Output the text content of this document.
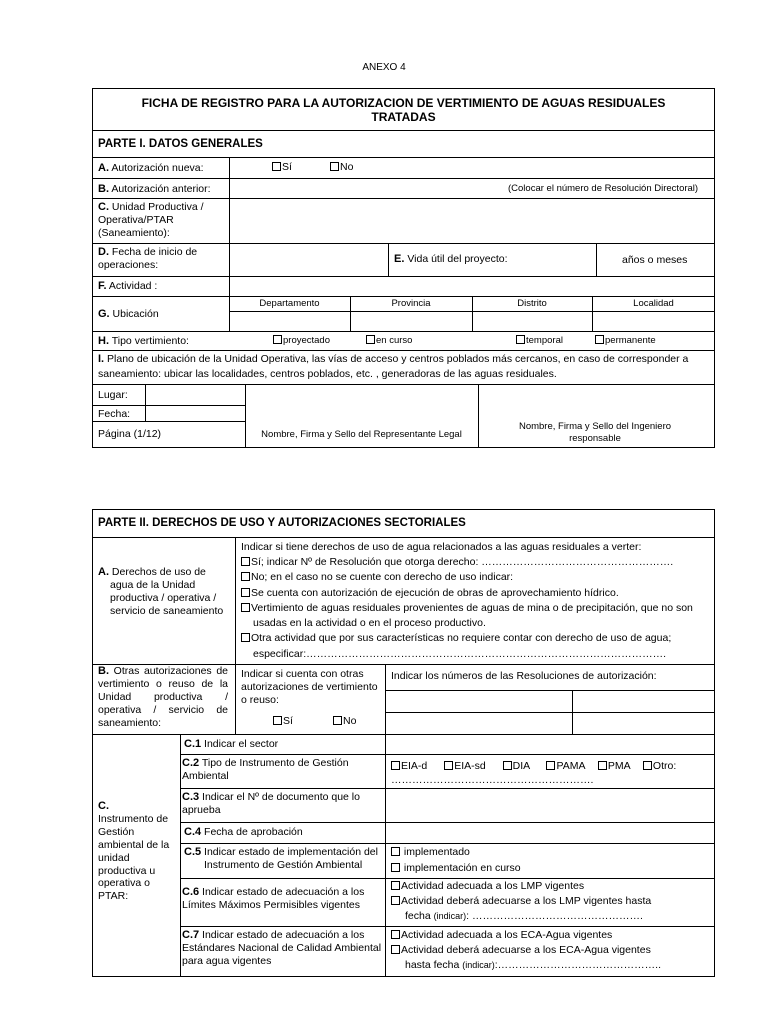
ANEXO 4
FICHA DE REGISTRO PARA LA AUTORIZACION DE VERTIMIENTO DE AGUAS RESIDUALES TRATADAS
PARTE I. DATOS GENERALES
A. Autorización nueva:	Sí	No
B. Autorización anterior:	(Colocar el número de Resolución Directoral)
C. Unidad Productiva / Operativa/PTAR (Saneamiento):
D. Fecha de inicio de operaciones:
E. Vida útil del proyecto:	años o meses
F. Actividad :
G. Ubicación
Departamento	Provincia	Distrito	Localidad
H. Tipo vertimiento:	proyectado	en curso	temporal	permanente
I. Plano de ubicación de la Unidad Operativa, las vías de acceso y centros poblados más cercanos, en caso de corresponder a saneamiento: ubicar las localidades, centros poblados, etc. , generadoras de las aguas residuales.
Lugar:
Fecha:
Página (1/12)	Nombre, Firma y Sello del Representante Legal
Nombre, Firma y Sello del Ingeniero responsable
PARTE II. DERECHOS DE USO Y AUTORIZACIONES SECTORIALES
A. Derechos de uso de agua de la Unidad productiva / operativa / servicio de saneamiento
Indicar si tiene derechos de uso de agua relacionados a las aguas residuales a verter:
Sí; indicar Nº de Resolución que otorga derecho: ……………………………………………….
No; en el caso no se cuente con derecho de uso indicar:
Se cuenta con autorización de ejecución de obras de aprovechamiento hídrico.
Vertimiento de aguas residuales provenientes de aguas de mina o de precipitación, que no son usadas en la actividad o en el proceso productivo.
Otra actividad que por sus características no requiere contar con derecho de uso de agua; especificar:………………………………………………………………………………………….
B. Otras autorizaciones de vertimiento o reuso de la Unidad productiva / operativa / servicio de saneamiento:
Indicar si cuenta con otras autorizaciones de vertimiento o reuso:
Sí	No
Indicar los números de las Resoluciones de autorización:
C.
Instrumento de Gestión ambiental de la unidad productiva u operativa o PTAR:
C.1 Indicar el sector
C.2 Tipo de Instrumento de Gestión Ambiental
EIA-d	EIA-sd	DIA	PAMA PMA Otro:
………………………………………………….
C.3 Indicar el Nº de documento que lo aprueba
C.4 Fecha de aprobación
C.5 Indicar estado de implementación del Instrumento de Gestión Ambiental
implementado
implementación en curso
C.6 Indicar estado de adecuación a los Límites Máximos Permisibles vigentes
Actividad adecuada a los LMP vigentes
Actividad deberá adecuarse a los LMP vigentes hasta
fecha (indicar): ………………………………………….
C.7 Indicar estado de adecuación a los Estándares Nacional de Calidad Ambiental para agua vigentes
Actividad adecuada a los ECA-Agua vigentes
Actividad deberá adecuarse a los ECA-Agua vigentes
hasta fecha (indicar):………………………………………..
